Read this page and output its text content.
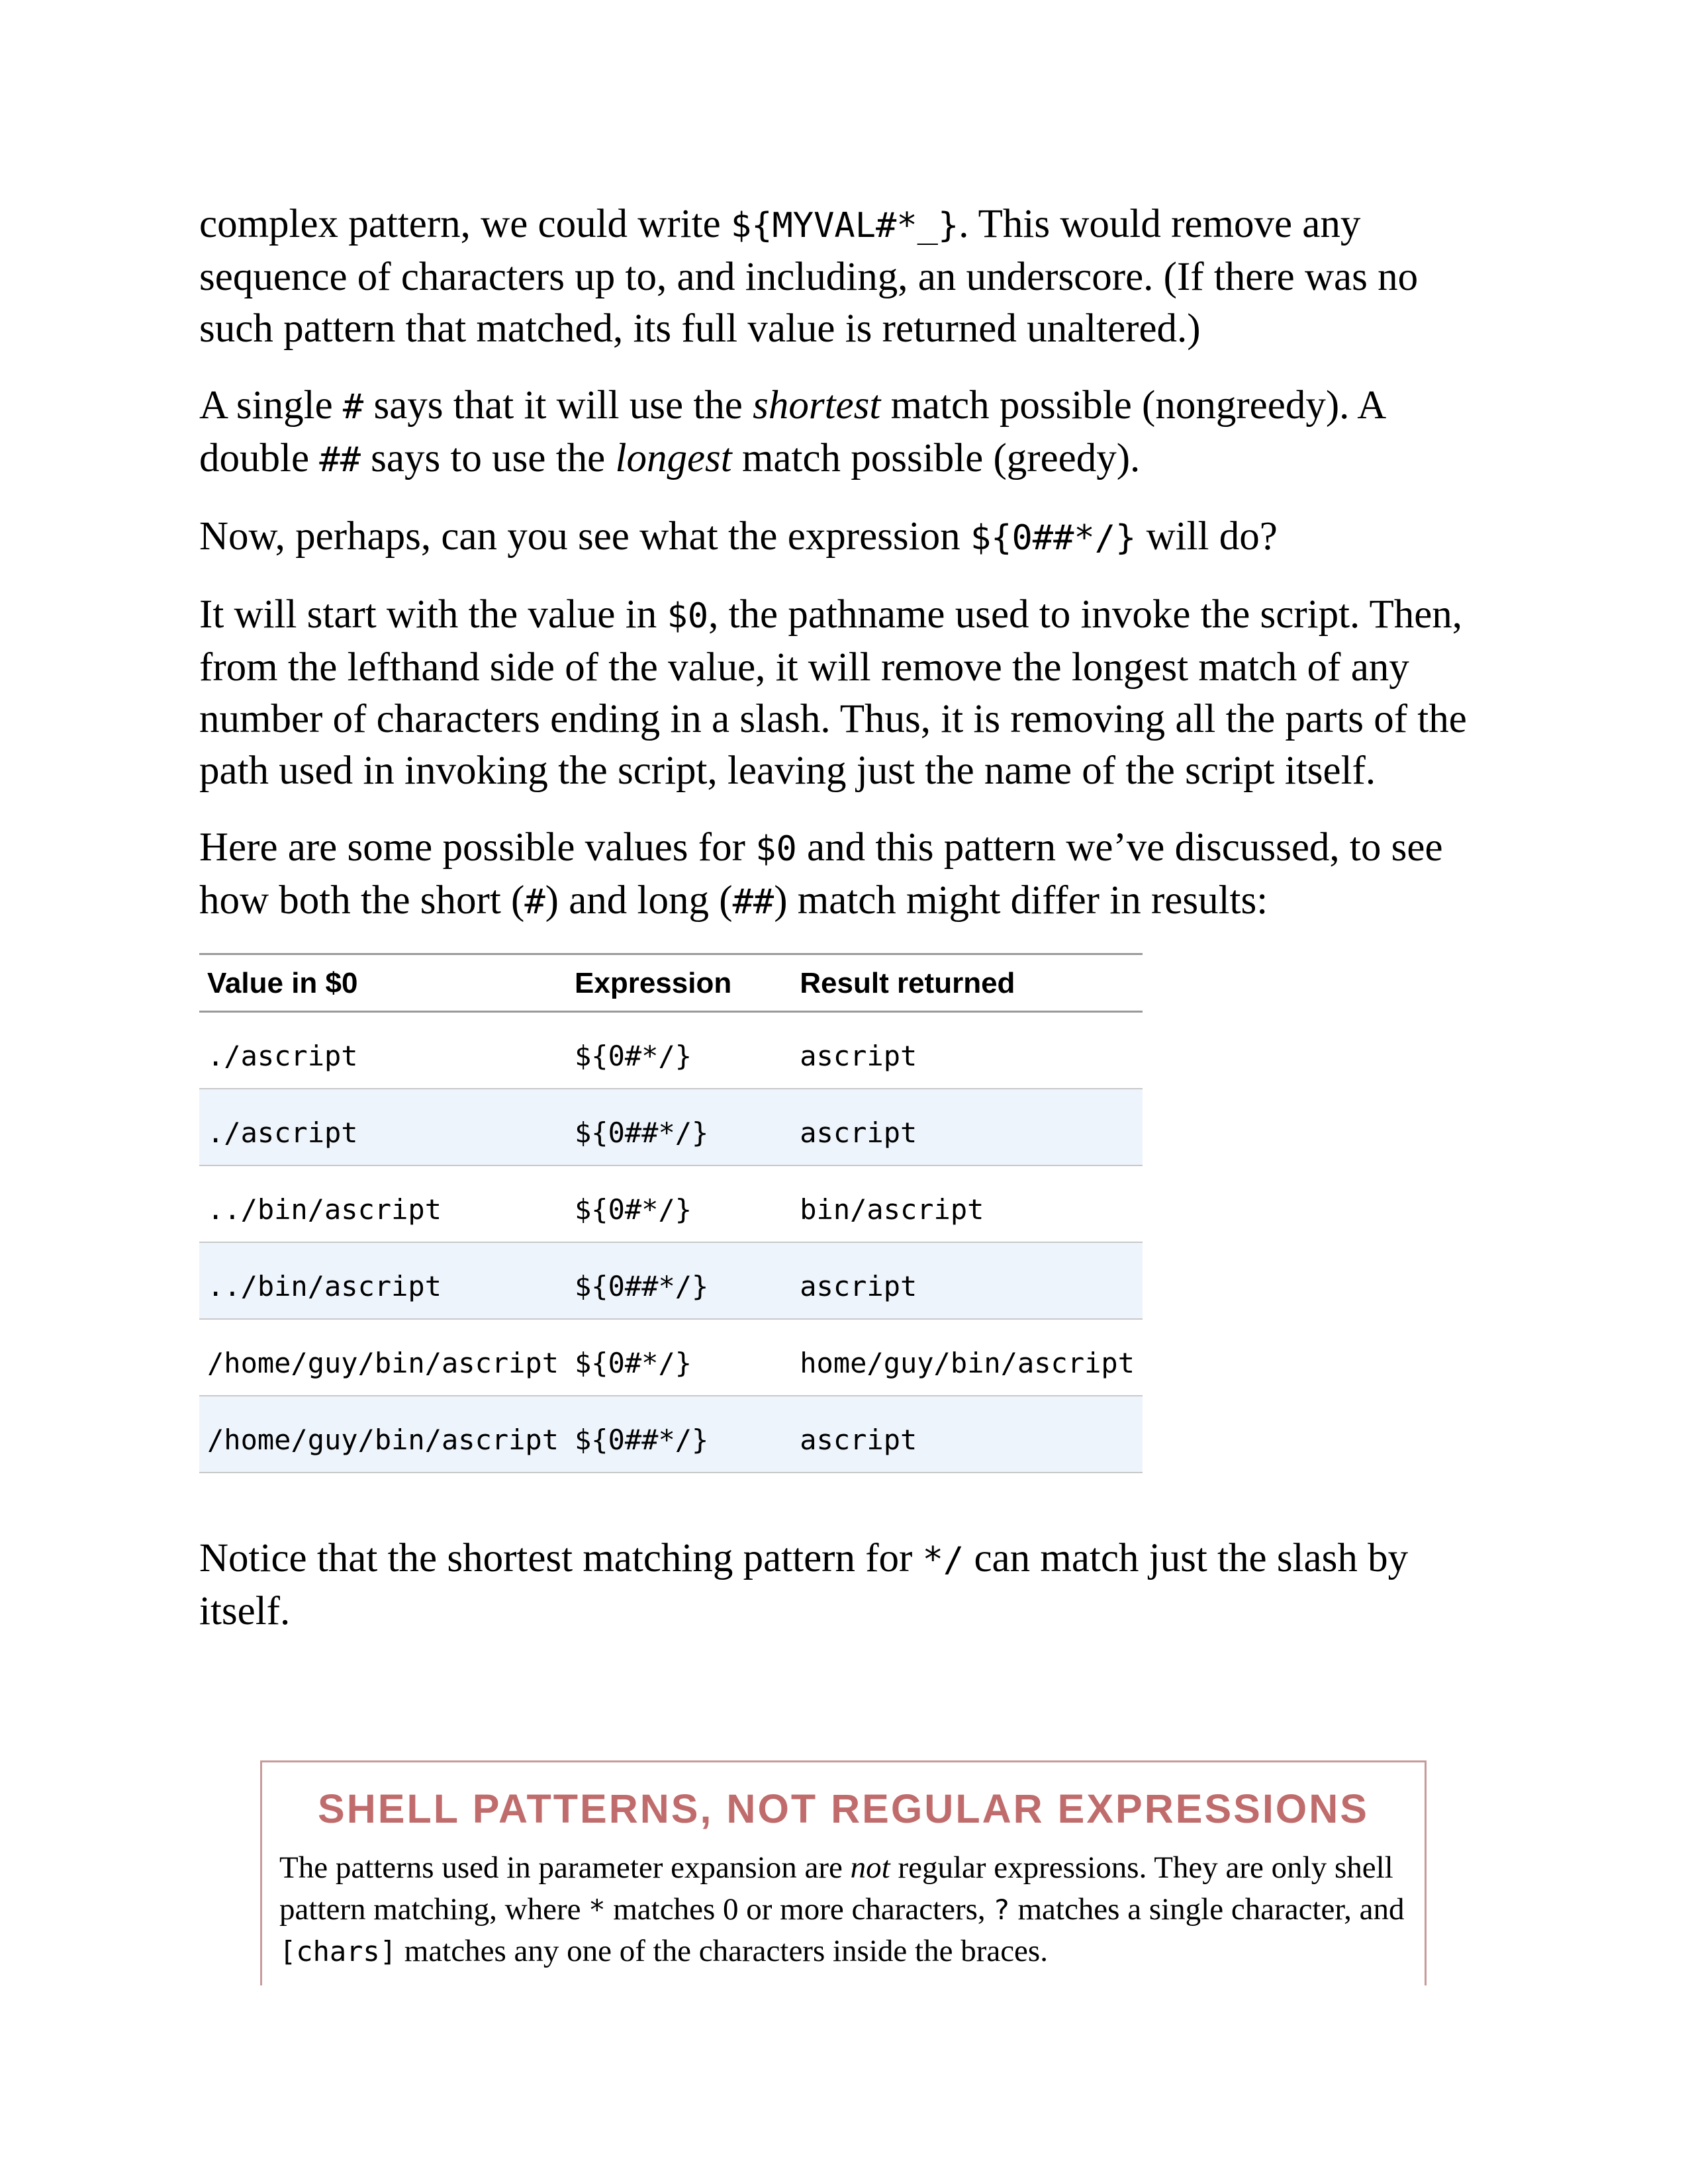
complex pattern, we could write ${MYVAL#*_}. This would remove any sequence of characters up to, and including, an underscore. (If there was no such pattern that matched, its full value is returned unaltered.)

A single # says that it will use the shortest match possible (nongreedy). A double ## says to use the longest match possible (greedy).

Now, perhaps, can you see what the expression ${0##*/} will do?

It will start with the value in $0, the pathname used to invoke the script. Then, from the lefthand side of the value, it will remove the longest match of any number of characters ending in a slash. Thus, it is removing all the parts of the path used in invoking the script, leaving just the name of the script itself.

Here are some possible values for $0 and this pattern we’ve discussed, to see how both the short (#) and long (##) match might differ in results:

Value in $0	Expression	Result returned
./ascript	${0#*/}	ascript
./ascript	${0##*/}	ascript
../bin/ascript	${0#*/}	bin/ascript
../bin/ascript	${0##*/}	ascript
/home/guy/bin/ascript	${0#*/}	home/guy/bin/ascript
/home/guy/bin/ascript	${0##*/}	ascript

Notice that the shortest matching pattern for */ can match just the slash by itself.

SHELL PATTERNS, NOT REGULAR EXPRESSIONS

The patterns used in parameter expansion are not regular expressions. They are only shell pattern matching, where * matches 0 or more characters, ? matches a single character, and [chars] matches any one of the characters inside the braces.
